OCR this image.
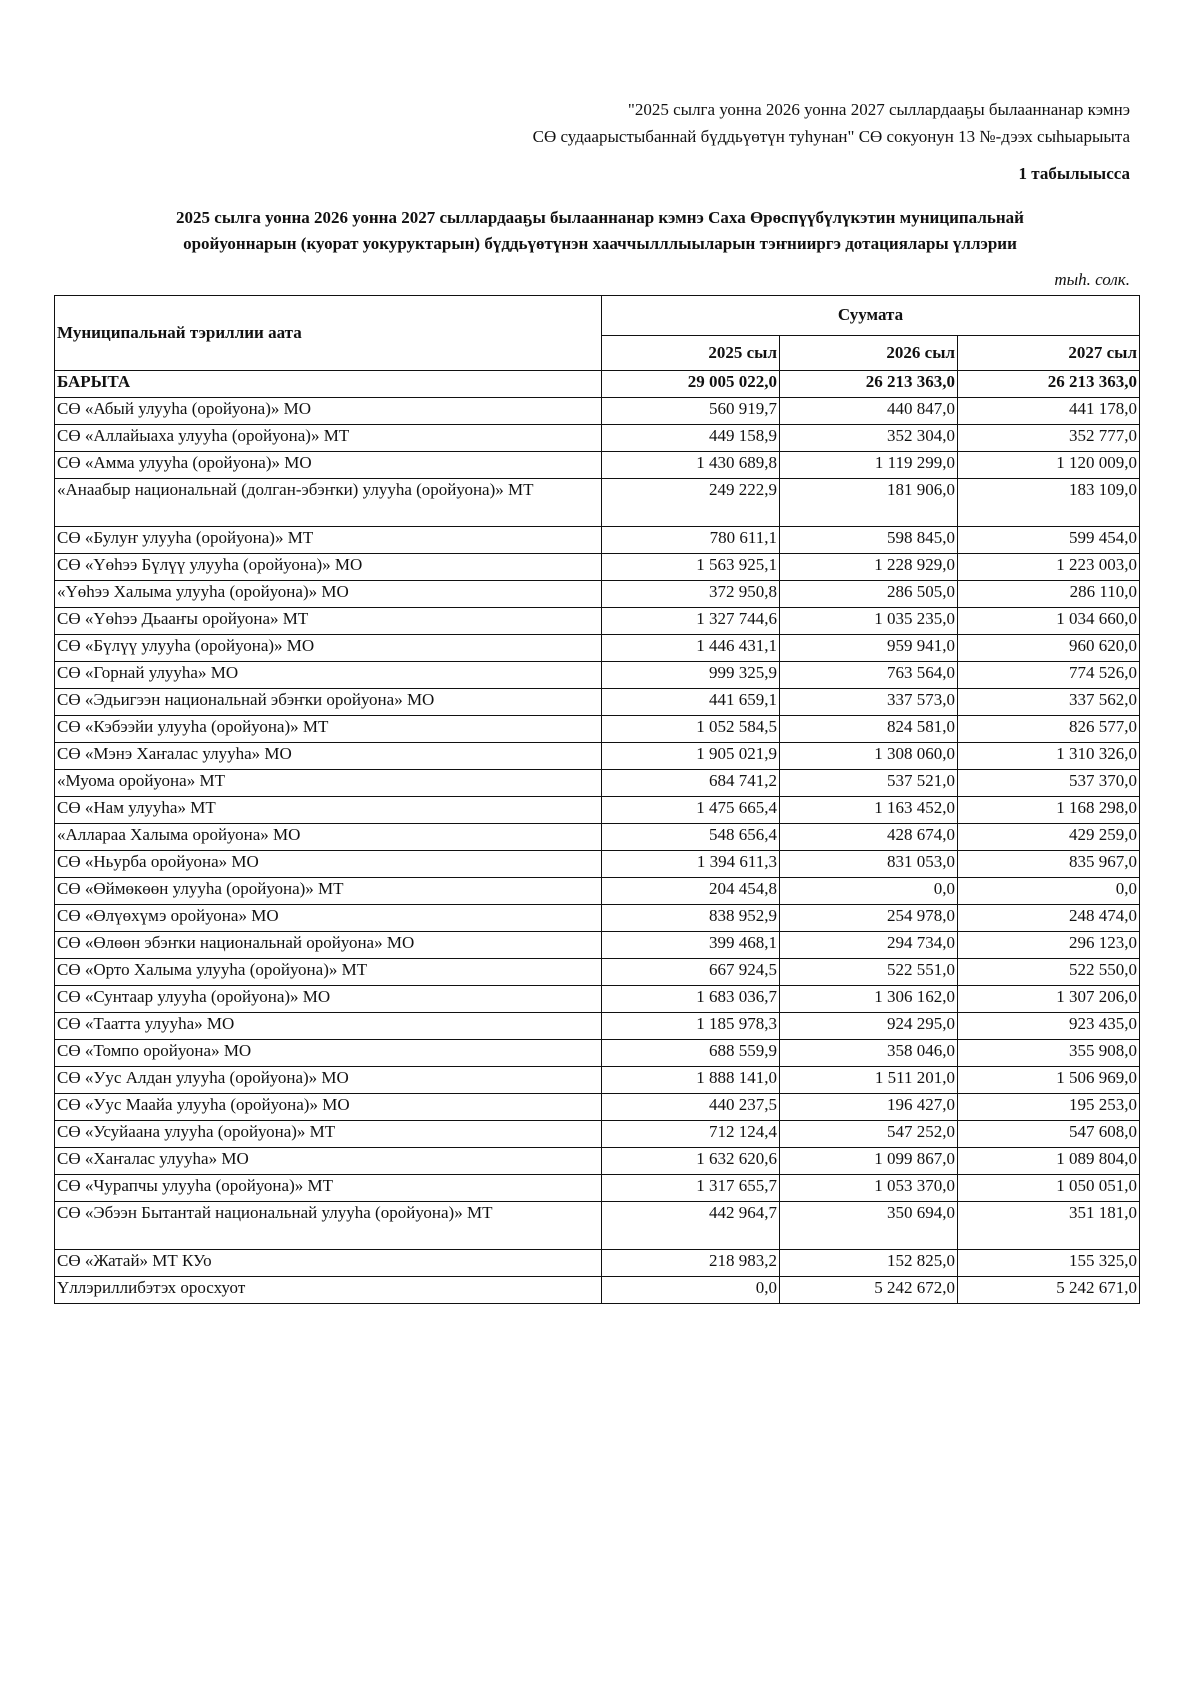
"2025 сылга уонна 2026 уонна 2027 сыллардааҕы былааннанар кэмнэ
СӨ судаарыстыбаннай бүддьүөтүн туһунан" СӨ сокуонун 13 №-дээх сыһыарыыта
1 табылыысса
2025 сылга уонна 2026 уонна 2027 сыллардааҕы былааннанар кэмнэ Саха Өрөспүүбүлүкэтин муниципальнай
оройуоннарын (куорат уокуруктарын) бүддьүөтүнэн хааччылллыыларын тэҥнииргэ дотациялары үллэрии
тыһ. солк.
Муниципальнай тэриллии аата	Суумата		
	2025 сыл	2026 сыл	2027 сыл
БАРЫТА	29 005 022,0	26 213 363,0	26 213 363,0
СӨ «Абый улууһа (оройуона)» МО	560 919,7	440 847,0	441 178,0
СӨ «Аллайыаха улууһа (оройуона)» МТ	449 158,9	352 304,0	352 777,0
СӨ «Амма улууһа (оройуона)» МО	1 430 689,8	1 119 299,0	1 120 009,0
«Анаабыр национальнай (долган-эбэҥки) улууһа (оройуона)» МТ	249 222,9	181 906,0	183 109,0
СӨ «Булуҥ улууһа (оройуона)» МТ	780 611,1	598 845,0	599 454,0
СӨ «Үөһээ Бүлүү улууһа (оройуона)» МО	1 563 925,1	1 228 929,0	1 223 003,0
«Үөһээ Халыма улууһа (оройуона)» МО	372 950,8	286 505,0	286 110,0
СӨ «Үөһээ Дьааҥы оройуона» МТ	1 327 744,6	1 035 235,0	1 034 660,0
СӨ «Бүлүү улууһа (оройуона)» МО	1 446 431,1	959 941,0	960 620,0
СӨ «Горнай улууһа» МО	999 325,9	763 564,0	774 526,0
СӨ «Эдьигээн национальнай эбэҥки оройуона» МО	441 659,1	337 573,0	337 562,0
СӨ «Кэбээйи улууһа (оройуона)» МТ	1 052 584,5	824 581,0	826 577,0
СӨ «Мэнэ Хаҥалас улууһа» МО	1 905 021,9	1 308 060,0	1 310 326,0
«Муома оройуона» МТ	684 741,2	537 521,0	537 370,0
СӨ «Нам улууһа» МТ	1 475 665,4	1 163 452,0	1 168 298,0
«Аллараа Халыма оройуона» МО	548 656,4	428 674,0	429 259,0
СӨ «Ньурба оройуона» МО	1 394 611,3	831 053,0	835 967,0
СӨ «Өймөкөөн улууһа (оройуона)» МТ	204 454,8	0,0	0,0
СӨ «Өлүөхүмэ оройуона» МО	838 952,9	254 978,0	248 474,0
СӨ «Өлөөн эбэҥки национальнай оройуона» МО	399 468,1	294 734,0	296 123,0
СӨ «Орто Халыма улууһа (оройуона)» МТ	667 924,5	522 551,0	522 550,0
СӨ «Сунтаар улууһа (оройуона)» МО	1 683 036,7	1 306 162,0	1 307 206,0
СӨ «Таатта улууһа» МО	1 185 978,3	924 295,0	923 435,0
СӨ «Томпо оройуона» МО	688 559,9	358 046,0	355 908,0
СӨ «Уус Алдан улууһа (оройуона)» МО	1 888 141,0	1 511 201,0	1 506 969,0
СӨ «Уус Маайа улууһа (оройуона)» МО	440 237,5	196 427,0	195 253,0
СӨ «Усуйаана улууһа (оройуона)» МТ	712 124,4	547 252,0	547 608,0
СӨ «Хаҥалас улууһа» МО	1 632 620,6	1 099 867,0	1 089 804,0
СӨ «Чурапчы улууһа (оройуона)» МТ	1 317 655,7	1 053 370,0	1 050 051,0
СӨ «Эбээн Бытантай национальнай улууһа (оройуона)» МТ	442 964,7	350 694,0	351 181,0
СӨ «Жатай» МТ КУо	218 983,2	152 825,0	155 325,0
Үллэриллибэтэх оросхуот	0,0	5 242 672,0	5 242 671,0
